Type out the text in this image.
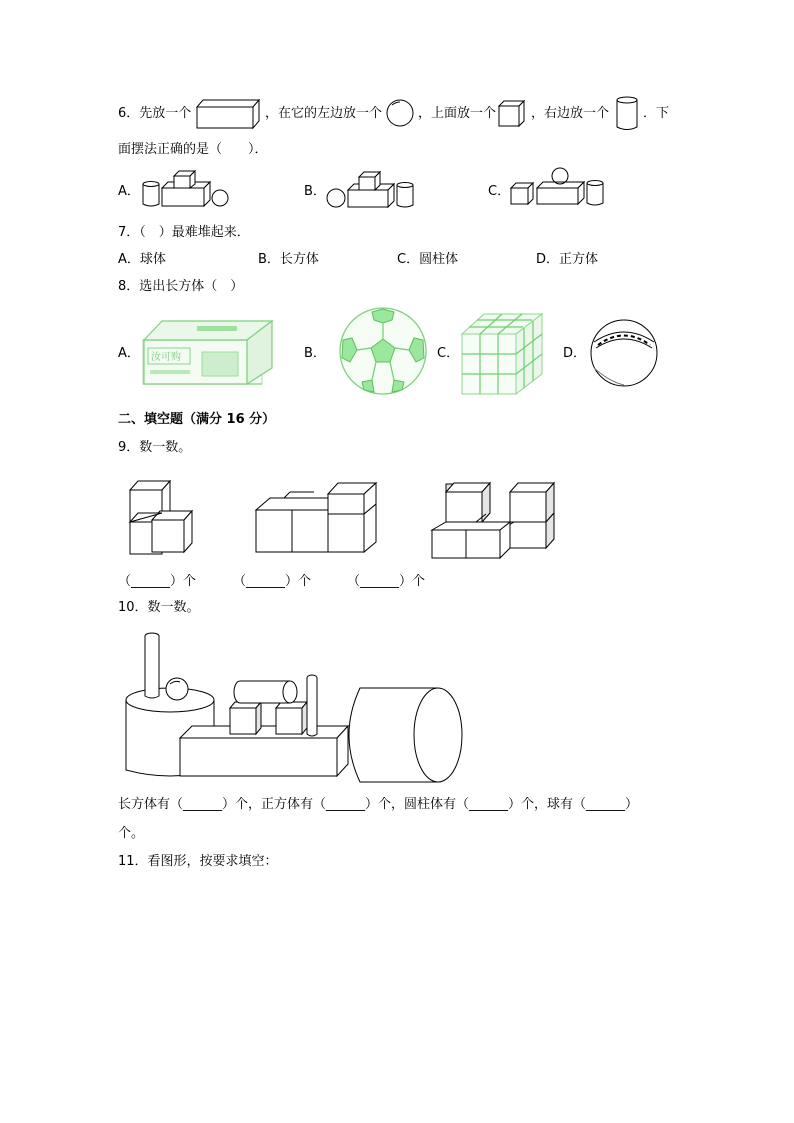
6．先放一个	，在它的左边放一个	，上面放一个	，右边放一个	．下
面摆法正确的是（　　）．
A．	B．	C．
7．（　）最难堆起来．
A．球体	B．长方体	C．圆柱体	D．正方体
8．选出长方体（　）
A． 汝可购	B．	C．	D．
二、填空题（满分 16 分）
9．数一数。
（______）个	（______）个	（______）个
10．数一数。
长方体有（______）个，正方体有（______）个，圆柱体有（______）个，球有（______）
个。
11．看图形，按要求填空：
